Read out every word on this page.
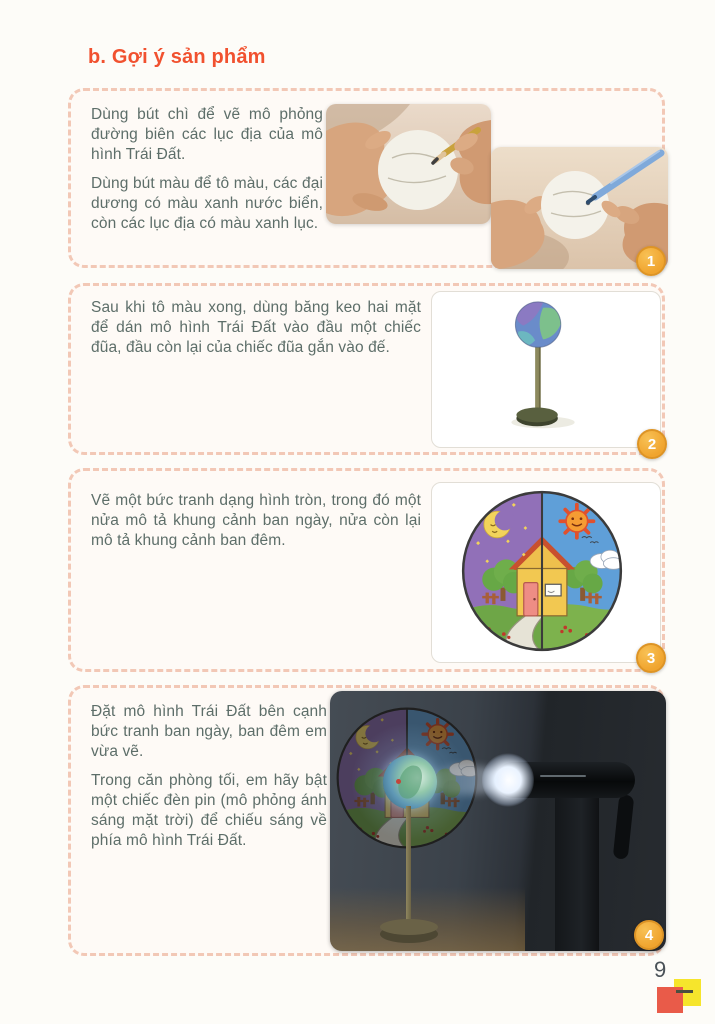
b. Gợi ý sản phẩm

Dùng bút chì để vẽ mô phỏng đường biên các lục địa của mô hình Trái Đất.

Dùng bút màu để tô màu, các đại dương có màu xanh nước biển, còn các lục địa có màu xanh lục.

1

Sau khi tô màu xong, dùng băng keo hai mặt để dán mô hình Trái Đất vào đầu một chiếc đũa, đầu còn lại của chiếc đũa gắn vào đế.

2

Vẽ một bức tranh dạng hình tròn, trong đó một nửa mô tả khung cảnh ban ngày, nửa còn lại mô tả khung cảnh ban đêm.

3

Đặt mô hình Trái Đất bên cạnh bức tranh ban ngày, ban đêm em vừa vẽ.

Trong căn phòng tối, em hãy bật một chiếc đèn pin (mô phỏng ánh sáng mặt trời) để chiếu sáng về phía mô hình Trái Đất.

4
9
